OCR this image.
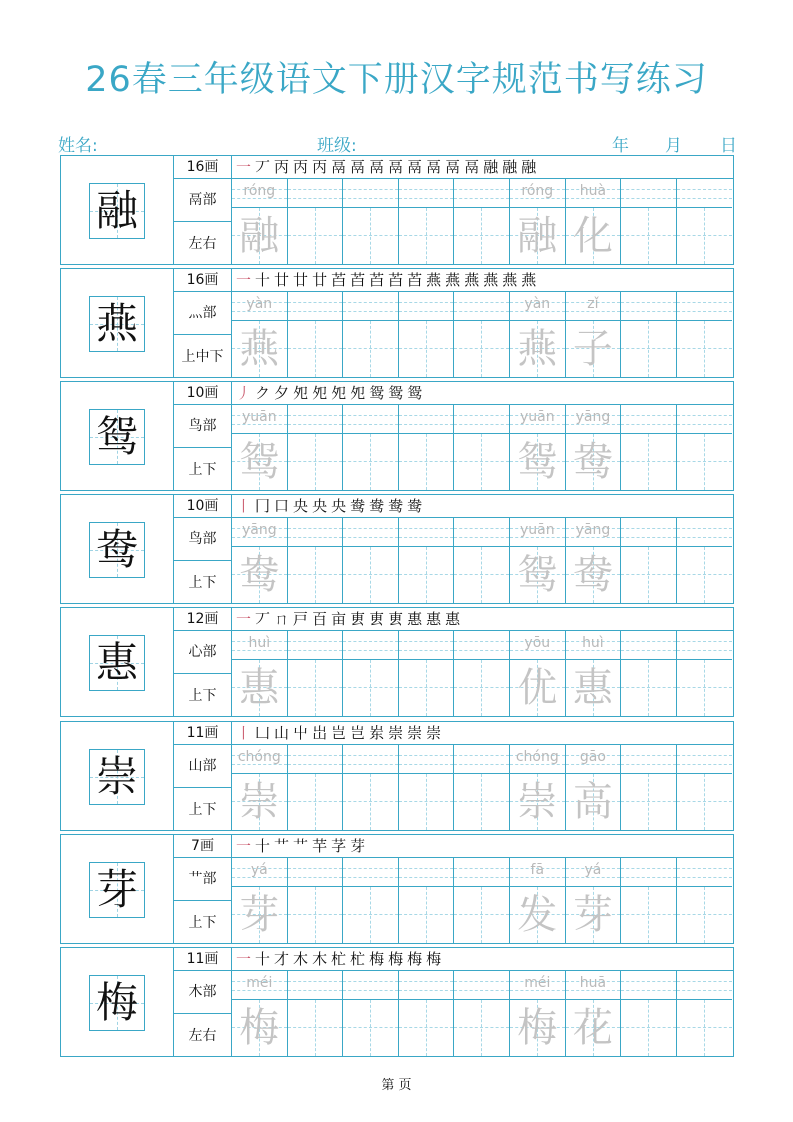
26春三年级语文下册汉字规范书写练习
姓名:	班级:	年 月 日
融
16画
鬲部
左右
一 丆 丙 丙 丙 鬲 鬲 鬲 鬲 鬲 鬲 鬲 鬲 融 融 融
róng
融
róng
融
huà
化
燕
16画
灬部
上中下
一 十 廿 廿 廿 苩 苩 苩 苩 苩 燕 燕 燕 燕 燕 燕
yàn
燕
yàn
燕
zǐ
子
鸳
10画
鸟部
上下
丿 ク 夕 夗 夗 夗 夗 鸳 鸳 鸳
yuān
鸳
yuān
鸳
yāng
鸯
鸯
10画
鸟部
上下
丨 冂 口 央 央 央 鸯 鸯 鸯 鸯
yāng
鸯
yuān
鸳
yāng
鸯
惠
12画
心部
上下
一 丆 ㄇ 戸 百 亩 叀 叀 叀 惠 惠 惠
huì
惠
yōu
优
huì
惠
崇
11画
山部
上下
丨 凵 山 屮 岀 岂 岂 岽 崇 崇 崇
chóng
崇
chóng
崇
gāo
高
芽
7画
艹部
上下
一 十 艹 艹 芉 芓 芽
yá
芽
fā
发
yá
芽
梅
11画
木部
左右
一 十 才 木 木 杧 杧 梅 梅 梅 梅
méi
梅
méi
梅
huā
花
第 页
